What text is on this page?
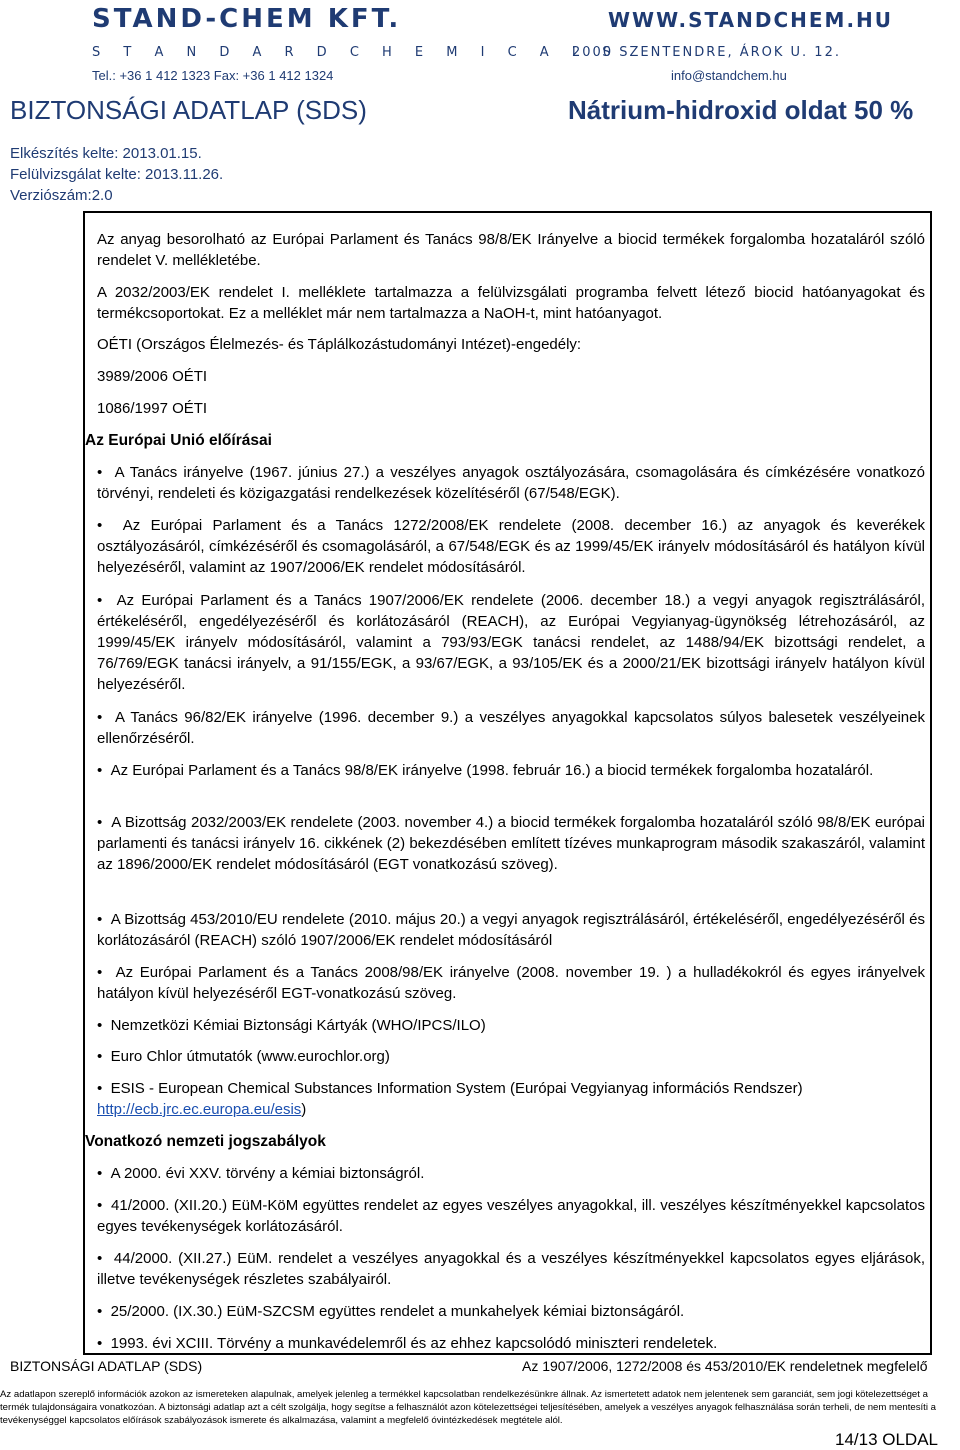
STAND-CHEM KFT.	WWW.STANDCHEM.HU
S T A N D A R D C H E M I C A L S
2000 SZENTENDRE, ÁROK U. 12.
Tel.: +36 1 412 1323 Fax: +36 1 412 1324	info@standchem.hu
BIZTONSÁGI ADATLAP (SDS)	Nátrium-hidroxid oldat 50 %
Elkészítés kelte: 2013.01.15.
Felülvizsgálat kelte: 2013.11.26.
Verziószám:2.0

Az anyag besorolható az Európai Parlament és Tanács 98/8/EK Irányelve a biocid termékek forgalomba hozataláról szóló rendelet V. mellékletébe.

A 2032/2003/EK rendelet I. melléklete tartalmazza a felülvizsgálati programba felvett létező biocid hatóanyagokat és termékcsoportokat. Ez a melléklet már nem tartalmazza a NaOH-t, mint hatóanyagot.

OÉTI (Országos Élelmezés- és Táplálkozástudományi Intézet)-engedély:

3989/2006 OÉTI

1086/1997 OÉTI

Az Európai Unió előírásai

•  A Tanács irányelve (1967. június 27.) a veszélyes anyagok osztályozására, csomagolására és címkézésére vonatkozó törvényi, rendeleti és közigazgatási rendelkezések közelítéséről (67/548/EGK).

•  Az Európai Parlament és a Tanács 1272/2008/EK rendelete (2008. december 16.) az anyagok és keverékek osztályozásáról, címkézéséről és csomagolásáról, a 67/548/EGK és az 1999/45/EK irányelv módosításáról és hatályon kívül helyezéséről, valamint az 1907/2006/EK rendelet módosításáról.

•  Az Európai Parlament és a Tanács 1907/2006/EK rendelete (2006. december 18.) a vegyi anyagok regisztrálásáról, értékeléséről, engedélyezéséről és korlátozásáról (REACH), az Európai Vegyianyag-ügynökség létrehozásáról, az 1999/45/EK irányelv módosításáról, valamint a 793/93/EGK tanácsi rendelet, az 1488/94/EK bizottsági rendelet, a 76/769/EGK tanácsi irányelv, a 91/155/EGK, a 93/67/EGK, a 93/105/EK és a 2000/21/EK bizottsági irányelv hatályon kívül helyezéséről.

•  A Tanács 96/82/EK irányelve (1996. december 9.) a veszélyes anyagokkal kapcsolatos súlyos balesetek veszélyeinek ellenőrzéséről.

•  Az Európai Parlament és a Tanács 98/8/EK irányelve (1998. február 16.) a biocid termékek forgalomba hozataláról.

•  A Bizottság 2032/2003/EK rendelete (2003. november 4.) a biocid termékek forgalomba hozataláról szóló 98/8/EK európai parlamenti és tanácsi irányelv 16. cikkének (2) bekezdésében említett tízéves munkaprogram második szakaszáról, valamint az 1896/2000/EK rendelet módosításáról (EGT vonatkozású szöveg).

•  A Bizottság 453/2010/EU rendelete (2010. május 20.) a vegyi anyagok regisztrálásáról, értékeléséről, engedélyezéséről és korlátozásáról (REACH) szóló 1907/2006/EK rendelet módosításáról

•  Az Európai Parlament és a Tanács 2008/98/EK irányelve (2008. november 19. ) a hulladékokról és egyes irányelvek hatályon kívül helyezéséről EGT-vonatkozású szöveg.

•  Nemzetközi Kémiai Biztonsági Kártyák (WHO/IPCS/ILO)

•  Euro Chlor útmutatók (www.eurochlor.org)

•  ESIS - European Chemical Substances Information System (Európai Vegyianyag információs Rendszer)
http://ecb.jrc.ec.europa.eu/esis)

Vonatkozó nemzeti jogszabályok

•  A 2000. évi XXV. törvény a kémiai biztonságról.

•  41/2000. (XII.20.) EüM-KöM együttes rendelet az egyes veszélyes anyagokkal, ill. veszélyes készítményekkel kapcsolatos egyes tevékenységek korlátozásáról.

•  44/2000. (XII.27.) EüM. rendelet a veszélyes anyagokkal és a veszélyes készítményekkel kapcsolatos egyes eljárások, illetve tevékenységek részletes szabályairól.

•  25/2000. (IX.30.) EüM-SZCSM együttes rendelet a munkahelyek kémiai biztonságáról.

•  1993. évi XCIII. Törvény a munkavédelemről és az ehhez kapcsolódó miniszteri rendeletek.

BIZTONSÁGI ADATLAP (SDS)	Az 1907/2006, 1272/2008 és 453/2010/EK rendeletnek megfelelő

Az adatlapon szereplő információk azokon az ismereteken alapulnak, amelyek jelenleg a termékkel kapcsolatban rendelkezésünkre állnak. Az ismertetett adatok nem jelentenek sem garanciát, sem jogi kötelezettséget a termék tulajdonságaira vonatkozóan. A biztonsági adatlap azt a célt szolgálja, hogy segítse a felhasználót azon kötelezettségei teljesítésében, amelyek a veszélyes anyagok felhasználása során terheli, de nem mentesíti a tevékenységgel kapcsolatos előírások szabályozások ismerete és alkalmazása, valamint a megfelelő óvintézkedések megtétele alól.

14/13 OLDAL
